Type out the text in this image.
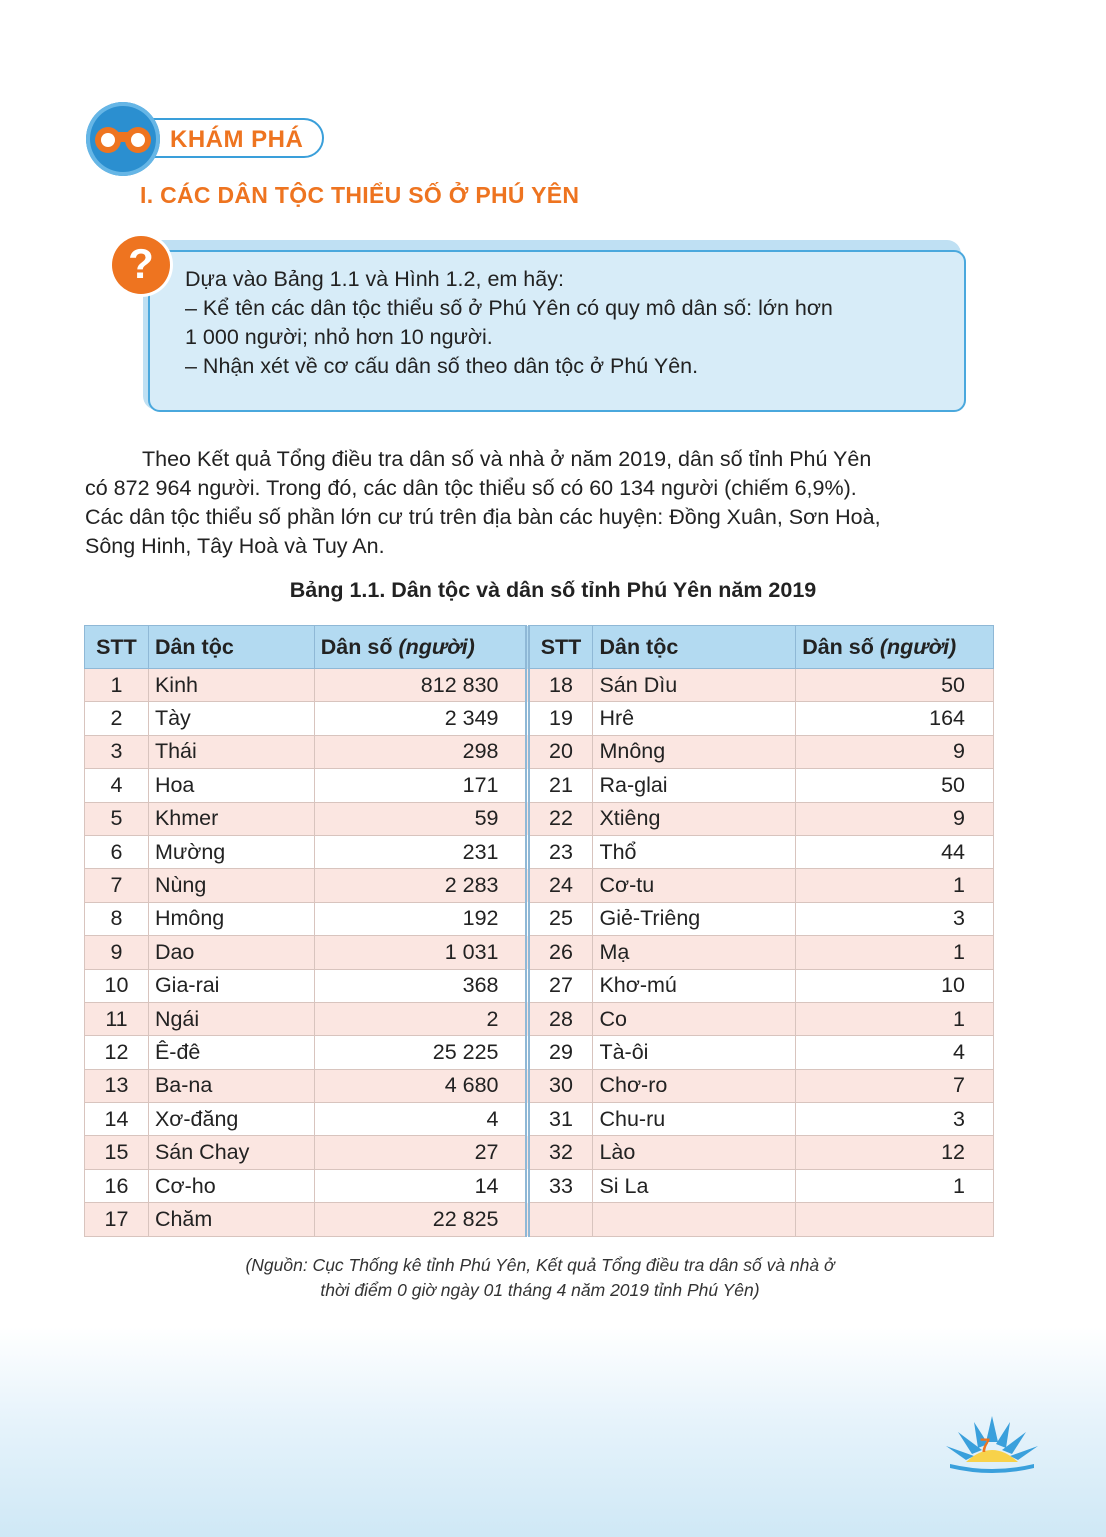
KHÁM PHÁ
I. CÁC DÂN TỘC THIỂU SỐ Ở PHÚ YÊN
?	Dựa vào Bảng 1.1 và Hình 1.2, em hãy:
– Kể tên các dân tộc thiểu số ở Phú Yên có quy mô dân số: lớn hơn
1 000 người; nhỏ hơn 10 người.
– Nhận xét về cơ cấu dân số theo dân tộc ở Phú Yên.
Theo Kết quả Tổng điều tra dân số và nhà ở năm 2019, dân số tỉnh Phú Yên
có 872 964 người. Trong đó, các dân tộc thiểu số có 60 134 người (chiếm 6,9%).
Các dân tộc thiểu số phần lớn cư trú trên địa bàn các huyện: Đồng Xuân, Sơn Hoà,
Sông Hinh, Tây Hoà và Tuy An.
Bảng 1.1. Dân tộc và dân số tỉnh Phú Yên năm 2019
STT	Dân tộc	Dân số (người)	STT	Dân tộc	Dân số (người)
1	Kinh	812 830	18	Sán Dìu	50
2	Tày	2 349	19	Hrê	164
3	Thái	298	20	Mnông	9
4	Hoa	171	21	Ra-glai	50
5	Khmer	59	22	Xtiêng	9
6	Mường	231	23	Thổ	44
7	Nùng	2 283	24	Cơ-tu	1
8	Hmông	192	25	Giẻ-Triêng	3
9	Dao	1 031	26	Mạ	1
10	Gia-rai	368	27	Khơ-mú	10
11	Ngái	2	28	Co	1
12	Ê-đê	25 225	29	Tà-ôi	4
13	Ba-na	4 680	30	Chơ-ro	7
14	Xơ-đăng	4	31	Chu-ru	3
15	Sán Chay	27	32	Lào	12
16	Cơ-ho	14	33	Si La	1
17	Chăm	22 825			
(Nguồn: Cục Thống kê tỉnh Phú Yên, Kết quả Tổng điều tra dân số và nhà ở
thời điểm 0 giờ ngày 01 tháng 4 năm 2019 tỉnh Phú Yên)
7
